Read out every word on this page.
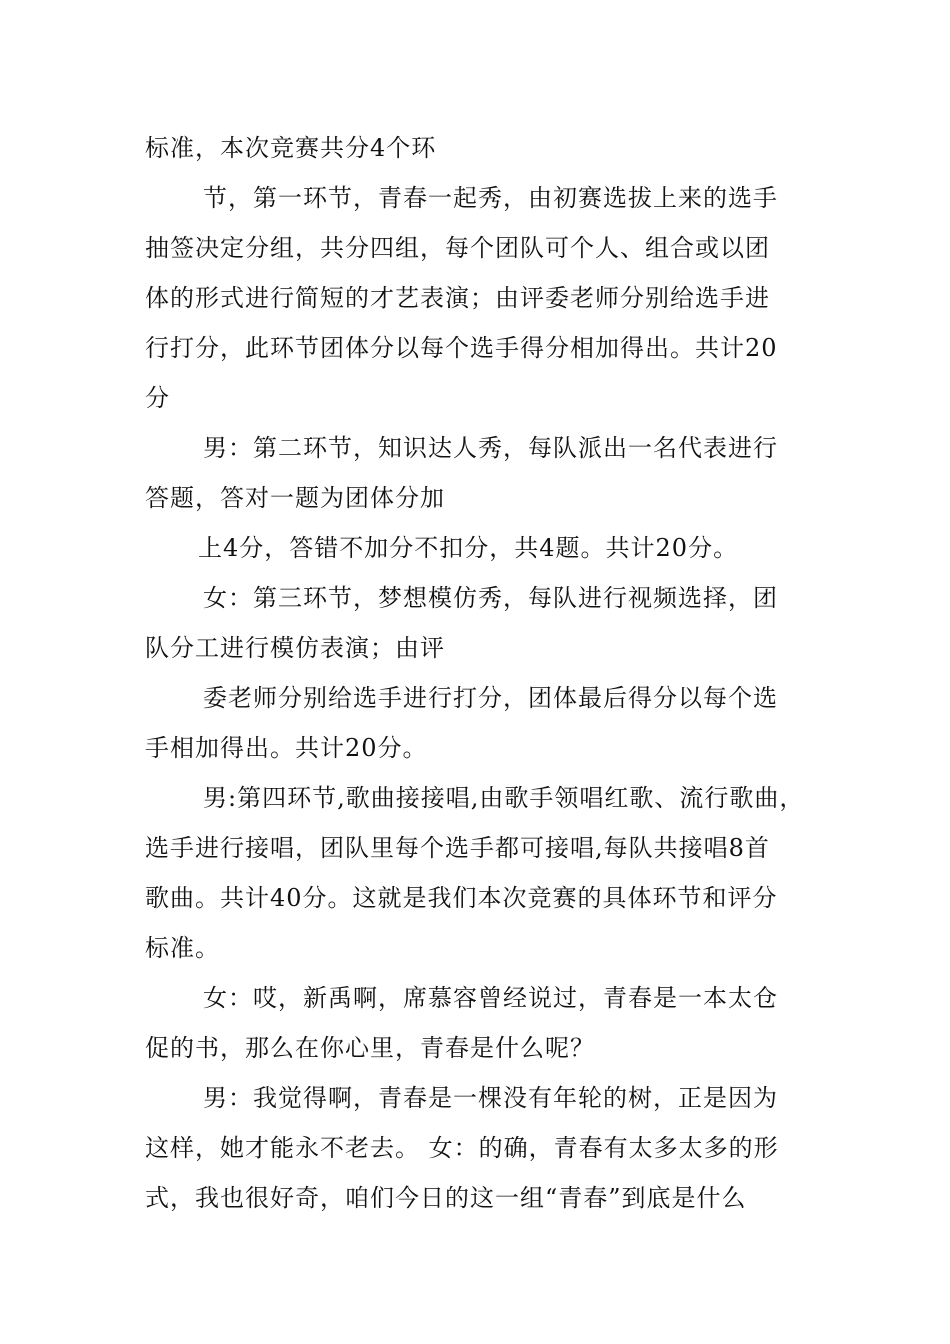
标准，本次竞赛共分4个环
节，第一环节，青春一起秀，由初赛选拔上来的选手
抽签决定分组，共分四组，每个团队可个人、组合或以团
体的形式进行简短的才艺表演；由评委老师分别给选手进
行打分，此环节团体分以每个选手得分相加得出。共计20
分
男：第二环节，知识达人秀，每队派出一名代表进行
答题，答对一题为团体分加
上4分，答错不加分不扣分，共4题。共计20分。
女：第三环节，梦想模仿秀，每队进行视频选择，团
队分工进行模仿表演；由评
委老师分别给选手进行打分，团体最后得分以每个选
手相加得出。共计20分。
男:第四环节,歌曲接接唱,由歌手领唱红歌、流行歌曲，
选手进行接唱，团队里每个选手都可接唱,每队共接唱8首
歌曲。共计40分。这就是我们本次竞赛的具体环节和评分
标准。
女：哎，新禹啊，席慕容曾经说过，青春是一本太仓
促的书，那么在你心里，青春是什么呢？
男：我觉得啊，青春是一棵没有年轮的树，正是因为
这样，她才能永不老去。 女：的确，青春有太多太多的形
式，我也很好奇，咱们今日的这一组“青春”到底是什么
